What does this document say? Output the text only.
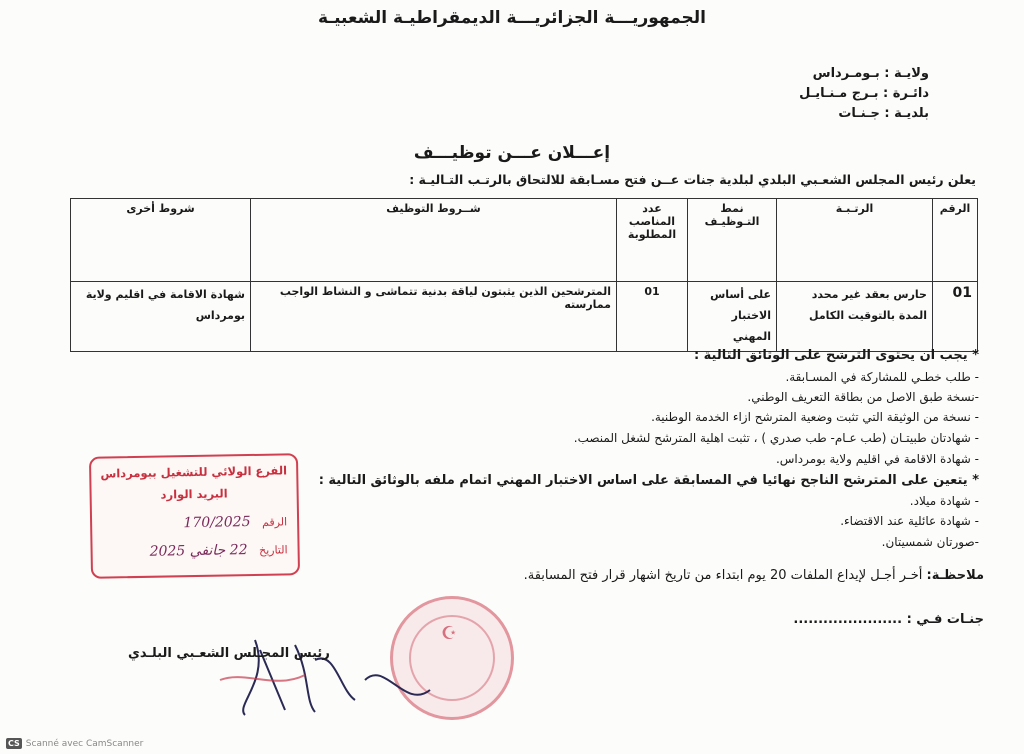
الجمهوريـــة الجزائريـــة الديمقراطيـة الشعبيـة
ولايـة : بـومـرداس
دائـرة : بـرج مـنـايـل
بلديـة : جـنـات
إعـــلان عـــن توظيـــف
يعلن رئيس المجلس الشعـبي البلدي لبلدية جنات عــن فتح مسـابقة للالتحاق بالرتـب التـاليـة :
الرقم	الرتـبـة	نمط التـوظيـف	عدد المناصب المطلوبة	شــروط التوظيف	شروط أخرى
01	حارس بعقد غير محدد المدة بالتوقيت الكامل	على أساس الاختبار المهني	01	المترشحين الذين يثبتون لياقة بدنية تتماشى و النشاط الواجب ممارسته	شهادة الاقامة في اقليم ولاية بومرداس
* يجب ان يحتوى الترشح على الوثائق التالية :
- طلب خطـي للمشاركة في المسـابقة.
-نسخة طبق الاصل من بطاقة التعريف الوطني.
- نسخة من الوثيقة التي تثبت وضعية المترشح ازاء الخدمة الوطنية.
- شهادتان طبيتـان (طب عـام- طب صدري ) ، تثبت اهلية المترشح لشغل المنصب.
- شهادة الاقامة في اقليم ولاية بومرداس.
* يتعين على المترشح الناجح نهائيا في المسابقة على اساس الاختبار المهني اتمام ملفه بالوثائق التالية :
- شهادة ميلاد.
- شهادة عائلية عند الاقتضاء.
-صورتان شمسيتان.
ملاحظـة: أخـر أجـل لإيداع الملفات 20 يوم ابتداء من تاريخ اشهار قرار فتح المسابقة.
جنـات فـي : ......................
الفرع الولائي للتشغيل ببومرداس
البريد الوارد
الرقم 170/2025
التاريخ 22 جانفي 2025
☪
رئيس المجـلس الشعـبي البلـدي
CS Scanné avec CamScanner
